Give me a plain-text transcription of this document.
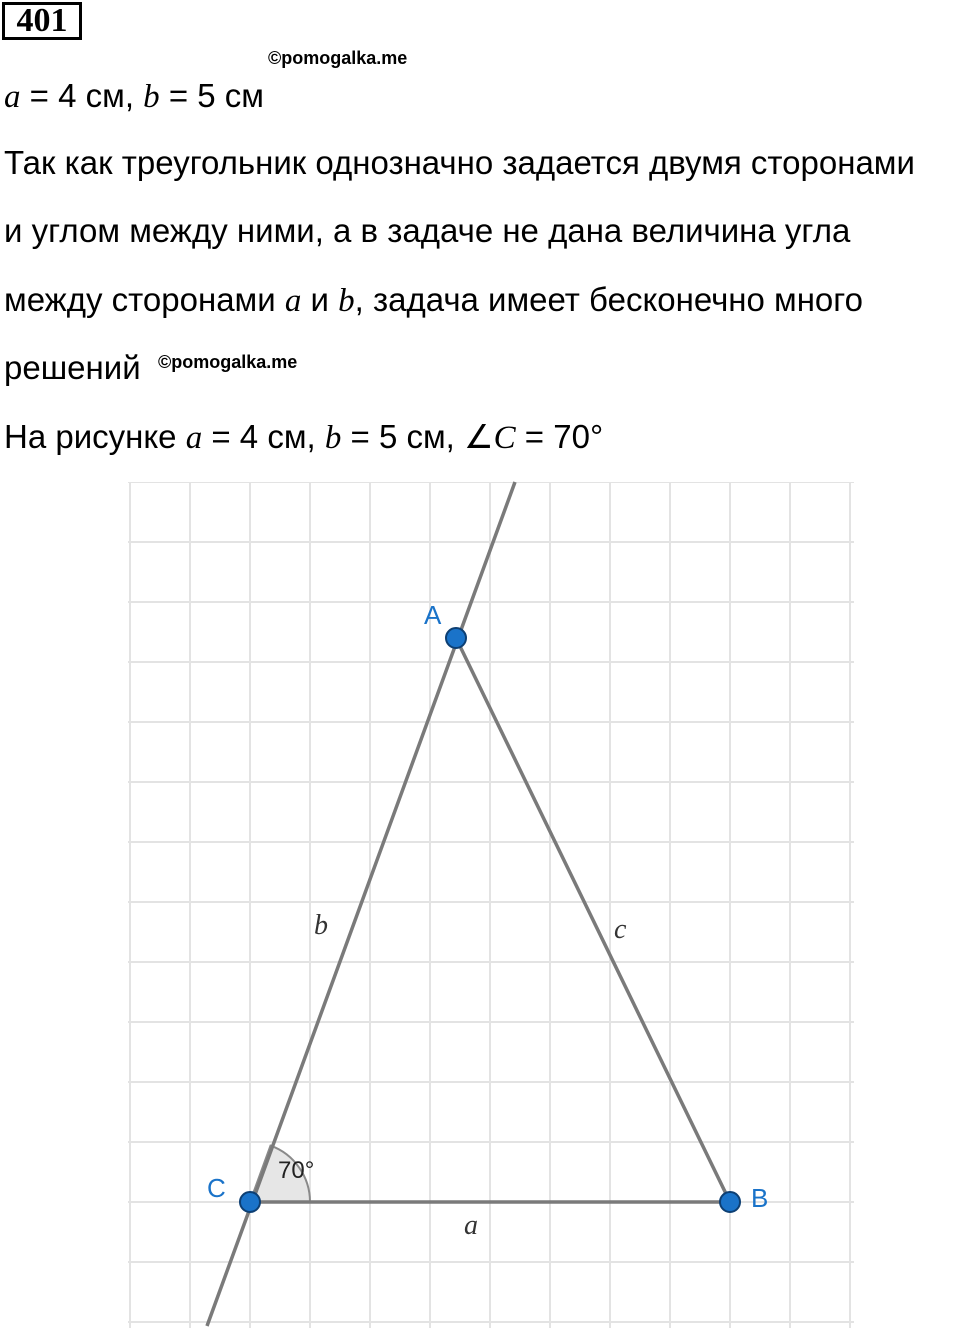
401
©pomogalka.me
a = 4 см, b = 5 см
Так как треугольник однозначно задается двумя сторонами
и углом между ними, а в задаче не дана величина угла
между сторонами a и b, задача имеет бесконечно много
решений ©pomogalka.me
На рисунке a = 4 см, b = 5 см, ∠C = 70°
A
C	B
b	c
a
70°
